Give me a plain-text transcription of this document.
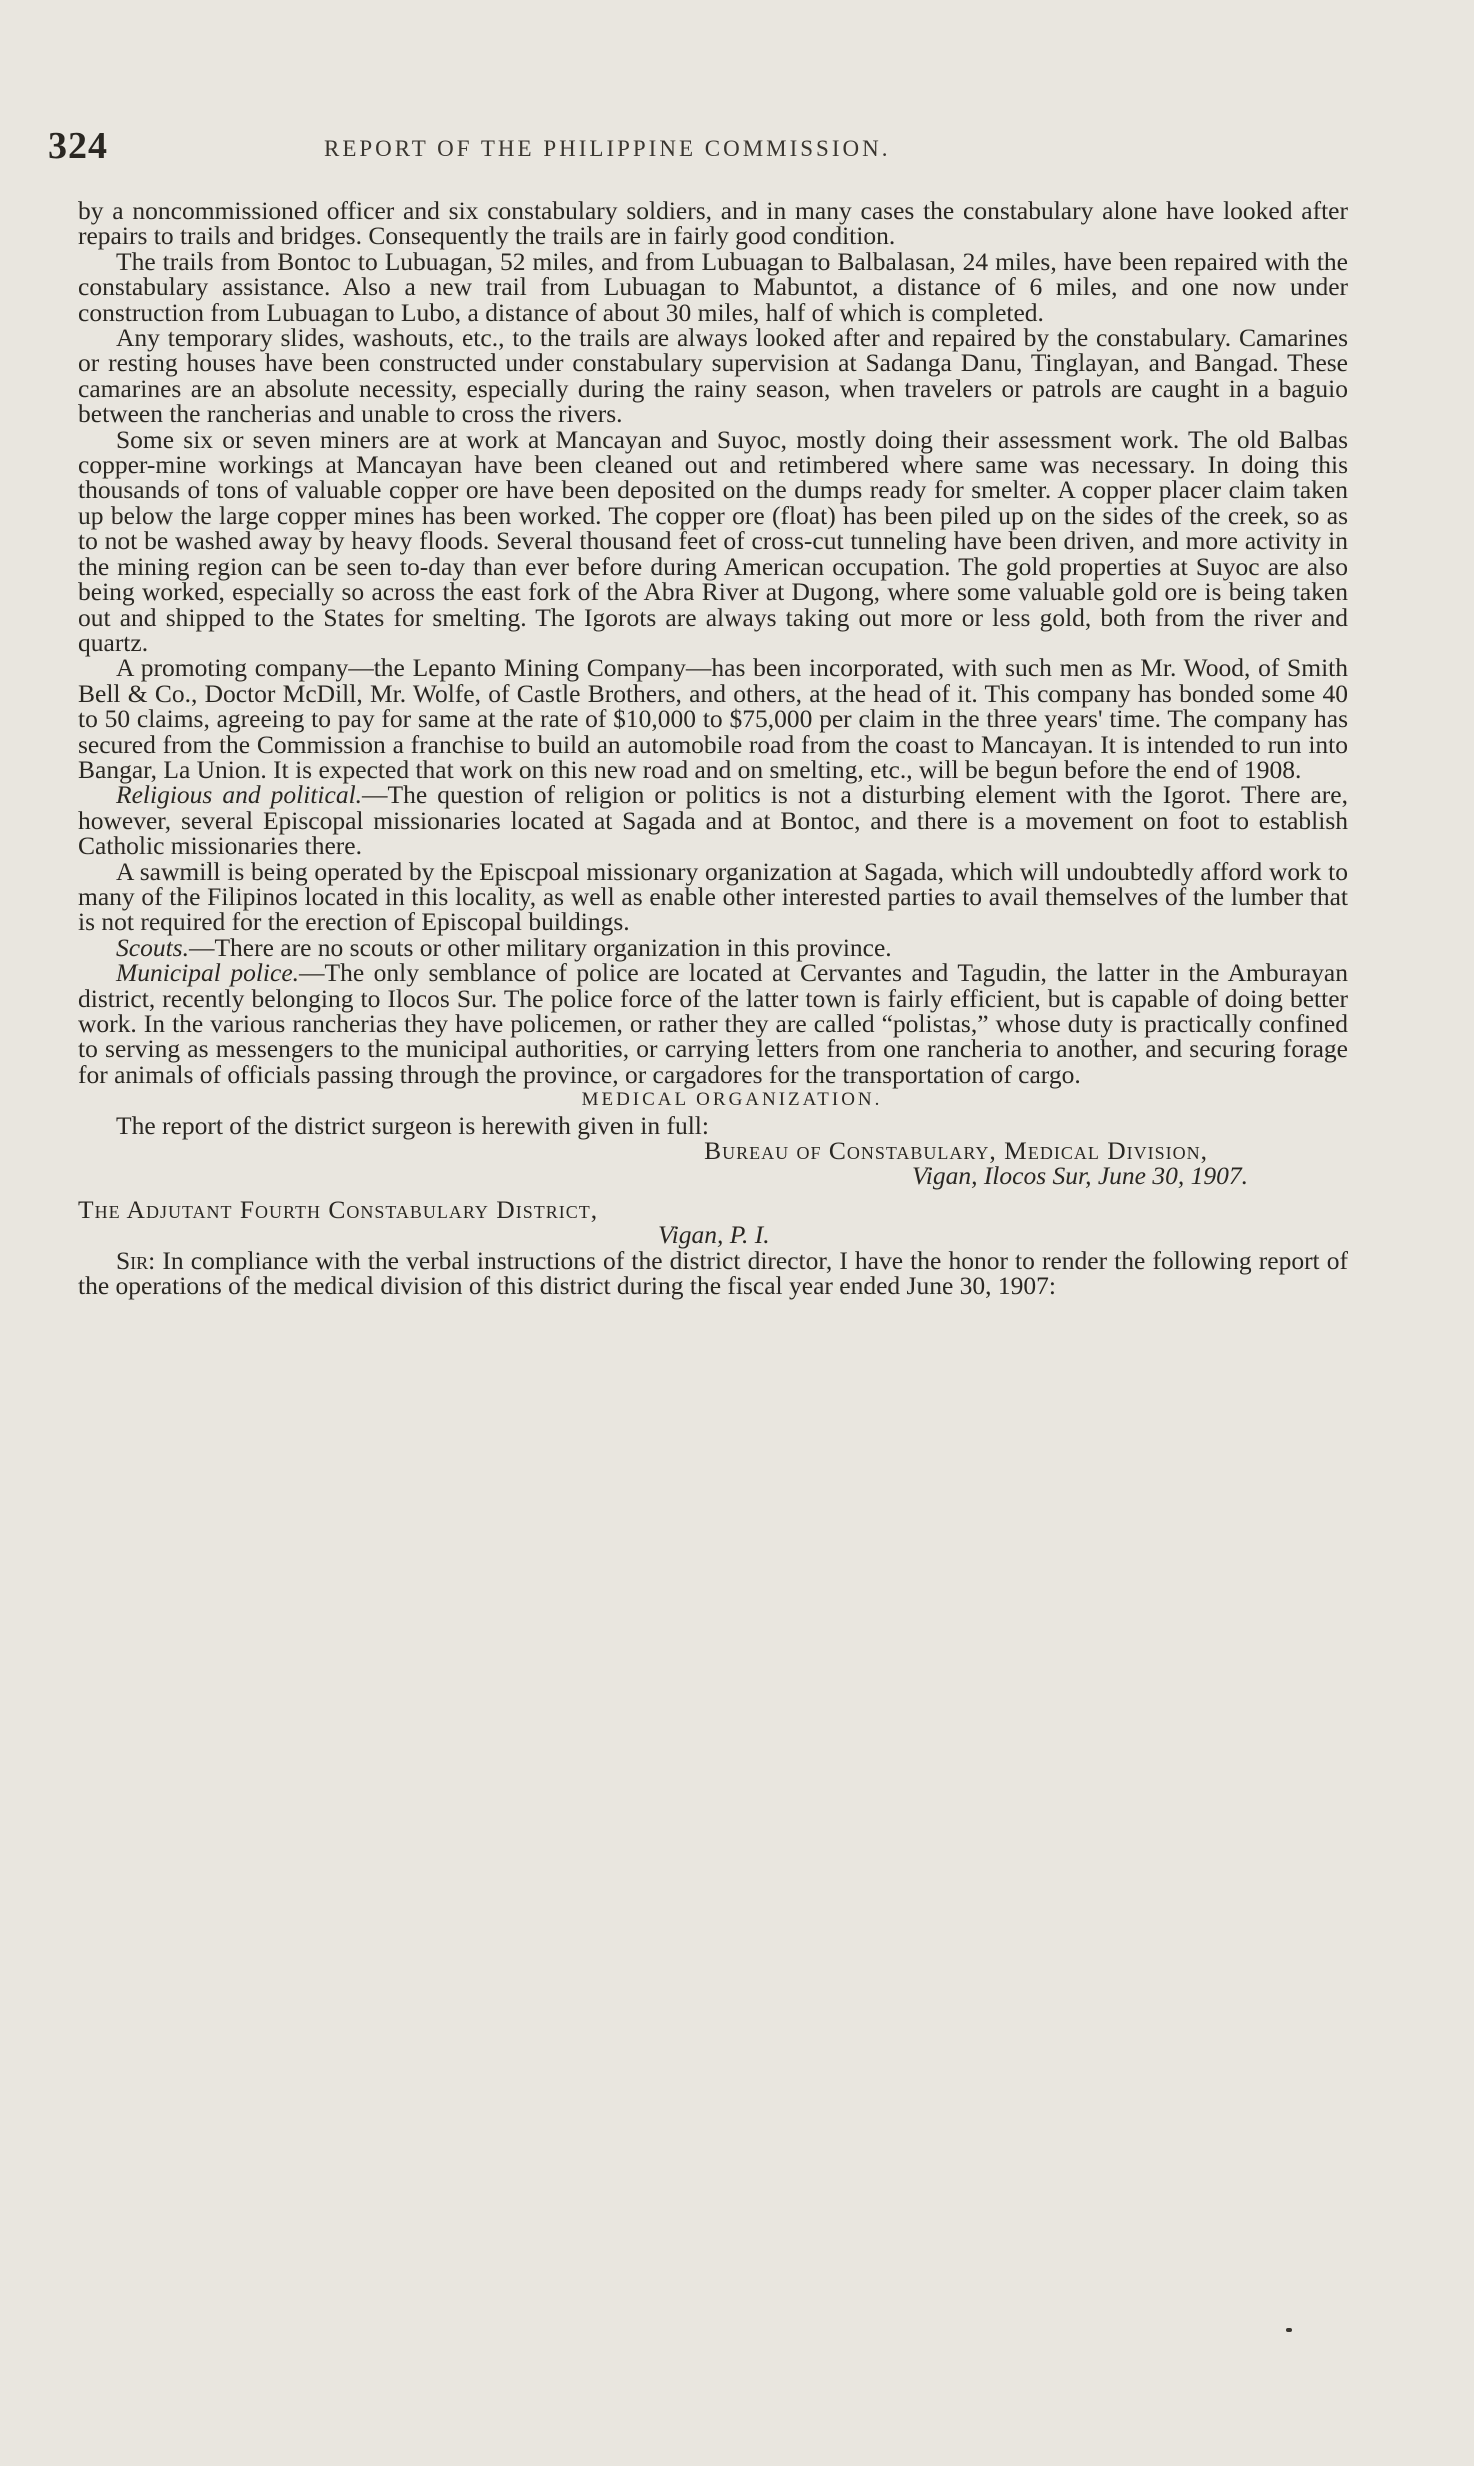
324	REPORT OF THE PHILIPPINE COMMISSION.

by a noncommissioned officer and six constabulary soldiers, and in many cases the constabulary alone have looked after repairs to trails and bridges. Consequently the trails are in fairly good condition.

The trails from Bontoc to Lubuagan, 52 miles, and from Lubuagan to Balbalasan, 24 miles, have been repaired with the constabulary assistance. Also a new trail from Lubuagan to Mabuntot, a distance of 6 miles, and one now under construction from Lubuagan to Lubo, a distance of about 30 miles, half of which is completed.

Any temporary slides, washouts, etc., to the trails are always looked after and repaired by the constabulary. Camarines or resting houses have been constructed under constabulary supervision at Sadanga Danu, Tinglayan, and Bangad. These camarines are an absolute necessity, especially during the rainy season, when travelers or patrols are caught in a baguio between the rancherias and unable to cross the rivers.

Some six or seven miners are at work at Mancayan and Suyoc, mostly doing their assessment work. The old Balbas copper-mine workings at Mancayan have been cleaned out and retimbered where same was necessary. In doing this thousands of tons of valuable copper ore have been deposited on the dumps ready for smelter. A copper placer claim taken up below the large copper mines has been worked. The copper ore (float) has been piled up on the sides of the creek, so as to not be washed away by heavy floods. Several thousand feet of cross-cut tunneling have been driven, and more activity in the mining region can be seen to-day than ever before during American occupation. The gold properties at Suyoc are also being worked, especially so across the east fork of the Abra River at Dugong, where some valuable gold ore is being taken out and shipped to the States for smelting. The Igorots are always taking out more or less gold, both from the river and quartz.

A promoting company—the Lepanto Mining Company—has been incorporated, with such men as Mr. Wood, of Smith Bell & Co., Doctor McDill, Mr. Wolfe, of Castle Brothers, and others, at the head of it. This company has bonded some 40 to 50 claims, agreeing to pay for same at the rate of $10,000 to $75,000 per claim in the three years' time. The company has secured from the Commission a franchise to build an automobile road from the coast to Mancayan. It is intended to run into Bangar, La Union. It is expected that work on this new road and on smelting, etc., will be begun before the end of 1908.

Religious and political.—The question of religion or politics is not a disturbing element with the Igorot. There are, however, several Episcopal missionaries located at Sagada and at Bontoc, and there is a movement on foot to establish Catholic missionaries there.

A sawmill is being operated by the Episcpoal missionary organization at Sagada, which will undoubtedly afford work to many of the Filipinos located in this locality, as well as enable other interested parties to avail themselves of the lumber that is not required for the erection of Episcopal buildings.

Scouts.—There are no scouts or other military organization in this province.

Municipal police.—The only semblance of police are located at Cervantes and Tagudin, the latter in the Amburayan district, recently belonging to Ilocos Sur. The police force of the latter town is fairly efficient, but is capable of doing better work. In the various rancherias they have policemen, or rather they are called “polistas,” whose duty is practically confined to serving as messengers to the municipal authorities, or carrying letters from one rancheria to another, and securing forage for animals of officials passing through the province, or cargadores for the transportation of cargo.

MEDICAL ORGANIZATION.

The report of the district surgeon is herewith given in full:

Bureau of Constabulary, Medical Division,
Vigan, Ilocos Sur, June 30, 1907.
The Adjutant Fourth Constabulary District,
Vigan, P. I.

Sir: In compliance with the verbal instructions of the district director, I have the honor to render the following report of the operations of the medical division of this district during the fiscal year ended June 30, 1907:
